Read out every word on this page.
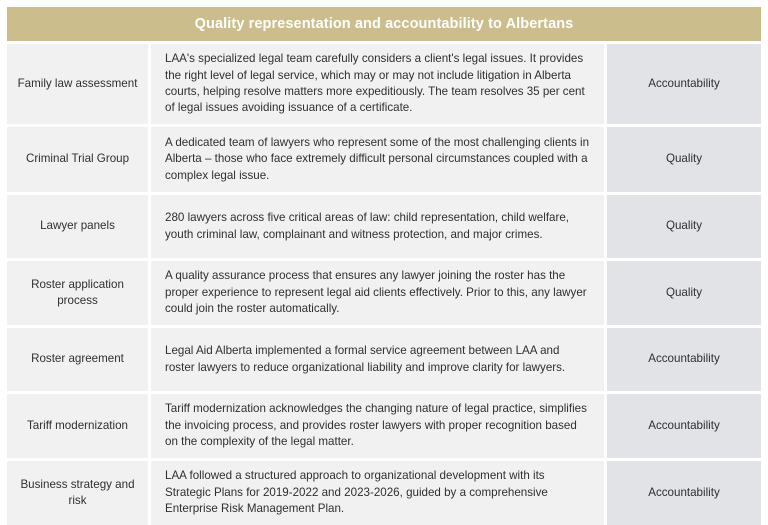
Quality representation and accountability to Albertans
Family law assessment
LAA's specialized legal team carefully considers a client's legal issues. It provides the right level of legal service, which may or may not include litigation in Alberta courts, helping resolve matters more expeditiously. The team resolves 35 per cent of legal issues avoiding issuance of a certificate.
Accountability
Criminal Trial Group
A dedicated team of lawyers who represent some of the most challenging clients in Alberta – those who face extremely difficult personal circumstances coupled with a complex legal issue.
Quality
Lawyer panels
280 lawyers across five critical areas of law: child representation, child welfare, youth criminal law, complainant and witness protection, and major crimes.
Quality
Roster application process
A quality assurance process that ensures any lawyer joining the roster has the proper experience to represent legal aid clients effectively. Prior to this, any lawyer could join the roster automatically.
Quality
Roster agreement
Legal Aid Alberta implemented a formal service agreement between LAA and roster lawyers to reduce organizational liability and improve clarity for lawyers.
Accountability
Tariff modernization
Tariff modernization acknowledges the changing nature of legal practice, simplifies the invoicing process, and provides roster lawyers with proper recognition based on the complexity of the legal matter.
Accountability
Business strategy and risk
LAA followed a structured approach to organizational development with its Strategic Plans for 2019-2022 and 2023-2026, guided by a comprehensive Enterprise Risk Management Plan.
Accountability
